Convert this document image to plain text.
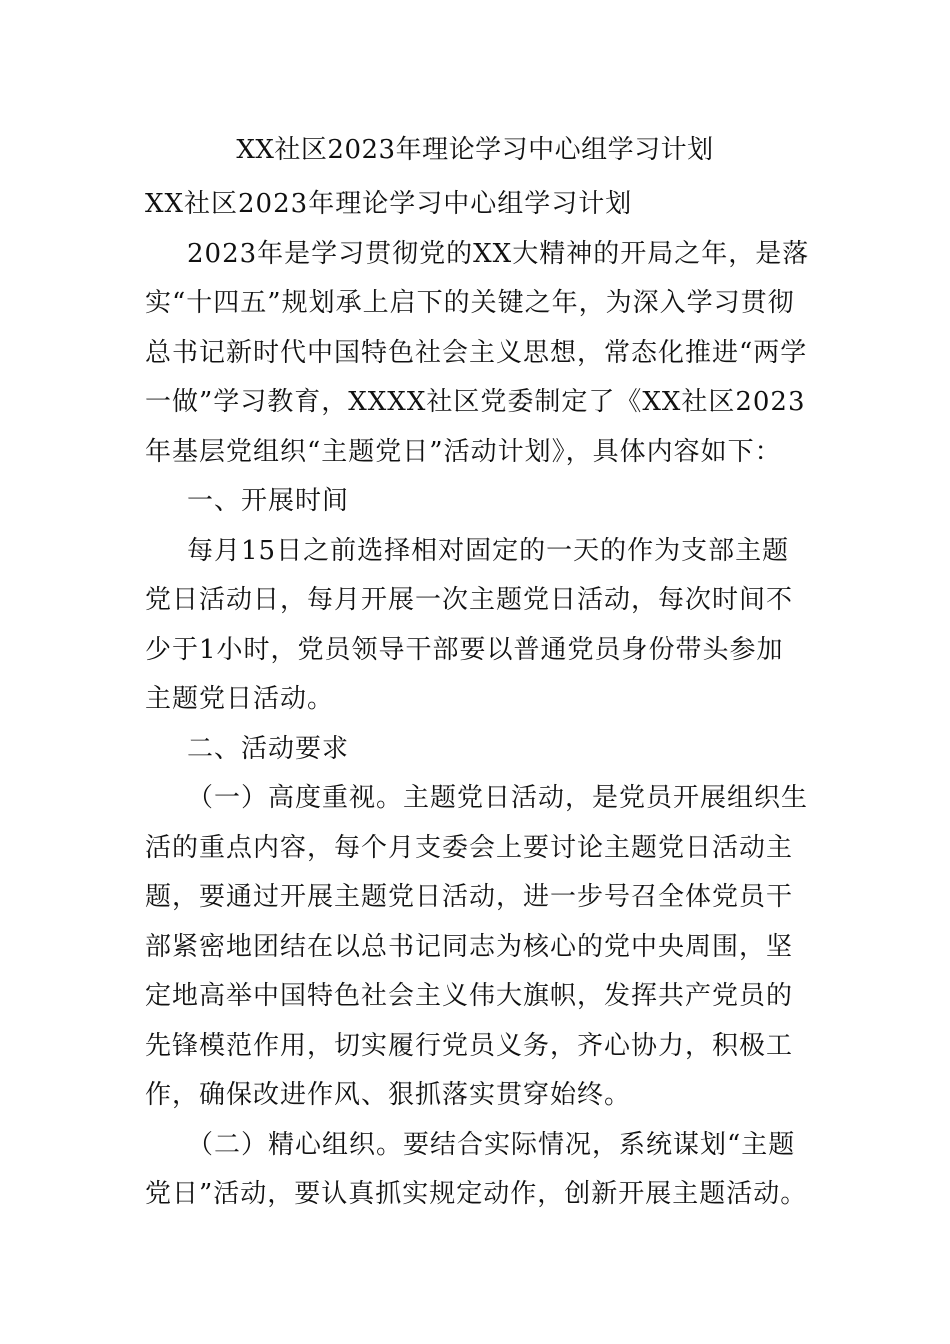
XX社区2023年理论学习中心组学习计划

XX社区2023年理论学习中心组学习计划

2023年是学习贯彻党的XX大精神的开局之年，是落实“十四五”规划承上启下的关键之年，为深入学习贯彻总书记新时代中国特色社会主义思想，常态化推进“两学一做”学习教育，XXXX社区党委制定了《XX社区2023年基层党组织“主题党日”活动计划》，具体内容如下：

一、开展时间

每月15日之前选择相对固定的一天的作为支部主题党日活动日，每月开展一次主题党日活动，每次时间不少于1小时，党员领导干部要以普通党员身份带头参加主题党日活动。

二、活动要求

（一）高度重视。主题党日活动，是党员开展组织生活的重点内容，每个月支委会上要讨论主题党日活动主题，要通过开展主题党日活动，进一步号召全体党员干部紧密地团结在以总书记同志为核心的党中央周围，坚定地高举中国特色社会主义伟大旗帜，发挥共产党员的先锋模范作用，切实履行党员义务，齐心协力，积极工作，确保改进作风、狠抓落实贯穿始终。

（二）精心组织。要结合实际情况，系统谋划“主题党日”活动，要认真抓实规定动作，创新开展主题活动。
